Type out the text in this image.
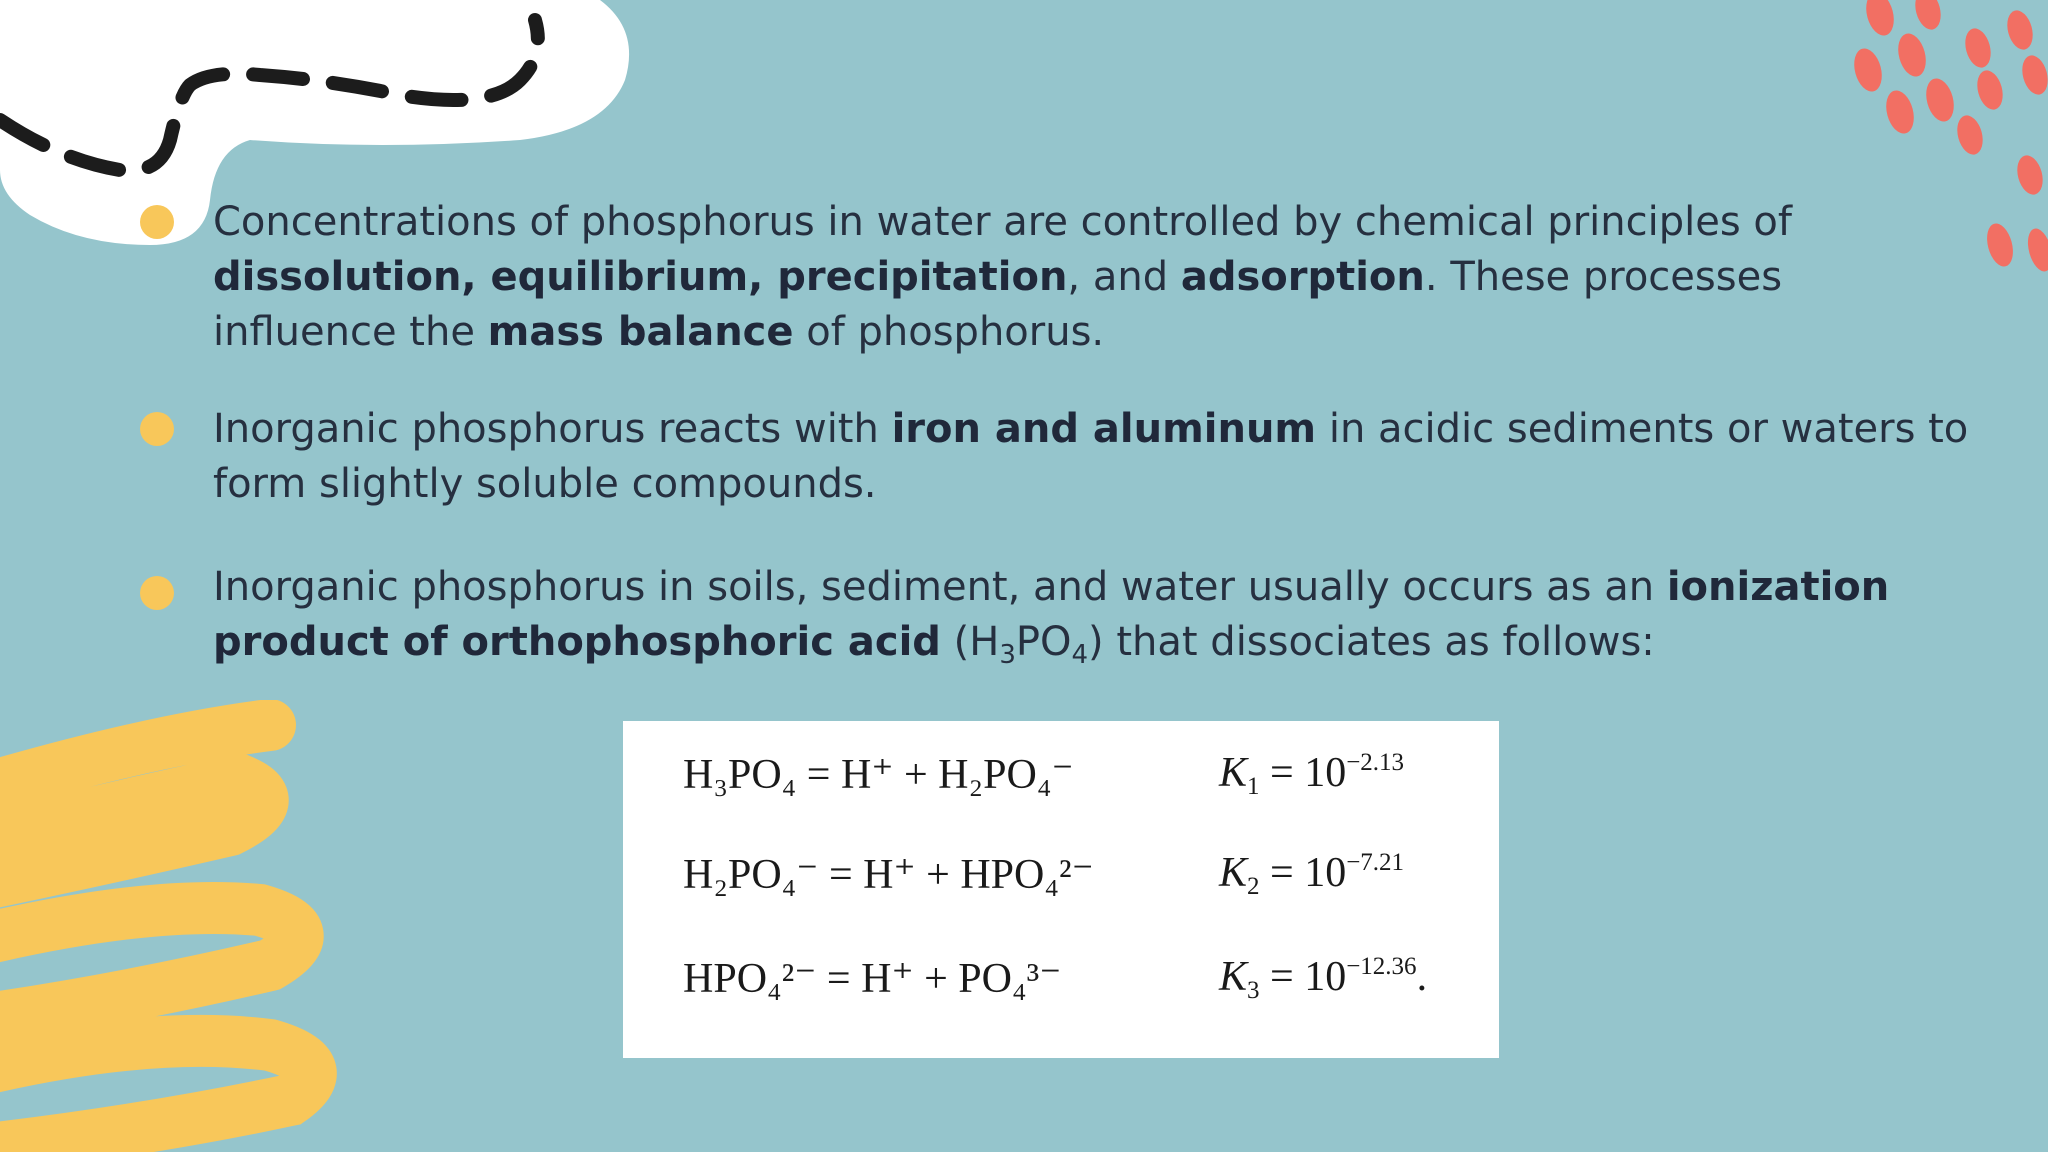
Concentrations of phosphorus in water are controlled by chemical principles of dissolution, equilibrium, precipitation, and adsorption. These processes influence the mass balance of phosphorus.
Inorganic phosphorus reacts with iron and aluminum in acidic sediments or waters to form slightly soluble compounds.
Inorganic phosphorus in soils, sediment, and water usually occurs as an ionization product of orthophosphoric acid $(H_3PO_4)$ that dissociates as follows:
H₃PO₄ = H⁺ + H₂PO₄⁻	$K_1 = 10^{-2.13}$
H₂PO₄⁻ = H⁺ + HPO₄²⁻	$K_2 = 10^{-7.21}$
HPO₄²⁻ = H⁺ + PO₄³⁻	$K_3 = 10^{-12.36}$.
